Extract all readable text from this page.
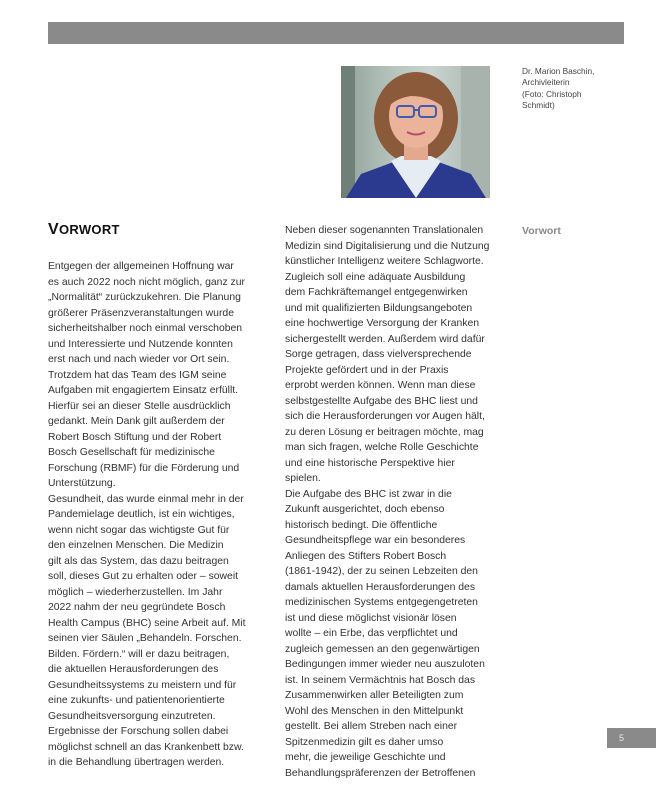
Dr. Marion Baschin,
Archivleiterin
(Foto: Christoph
Schmidt)
VORWORT	Vorwort

Entgegen der allgemeinen Hoffnung war

es auch 2022 noch nicht möglich, ganz zur

„Normalität“ zurückzukehren. Die Planung

größerer Präsenzveranstaltungen wurde

sicherheitshalber noch einmal verschoben

und Interessierte und Nutzende konnten

erst nach und nach wieder vor Ort sein.

Trotzdem hat das Team des IGM seine

Aufgaben mit engagiertem Einsatz erfüllt.

Hierfür sei an dieser Stelle ausdrücklich

gedankt. Mein Dank gilt außerdem der

Robert Bosch Stiftung und der Robert

Bosch Gesellschaft für medizinische

Forschung (RBMF) für die Förderung und

Unterstützung.

Gesundheit, das wurde einmal mehr in der

Pandemielage deutlich, ist ein wichtiges,

wenn nicht sogar das wichtigste Gut für

den einzelnen Menschen. Die Medizin

gilt als das System, das dazu beitragen

soll, dieses Gut zu erhalten oder – soweit

möglich – wiederherzustellen. Im Jahr

2022 nahm der neu gegründete Bosch

Health Campus (BHC) seine Arbeit auf. Mit

seinen vier Säulen „Behandeln. Forschen.

Bilden. Fördern.“ will er dazu beitragen,

die aktuellen Herausforderungen des

Gesundheitssystems zu meistern und für

eine zukunfts- und patientenorientierte

Gesundheitsversorgung einzutreten.

Ergebnisse der Forschung sollen dabei

möglichst schnell an das Krankenbett bzw.

in die Behandlung übertragen werden.

Neben dieser sogenannten Translationalen

Medizin sind Digitalisierung und die Nutzung

künstlicher Intelligenz weitere Schlagworte.

Zugleich soll eine adäquate Ausbildung

dem Fachkräftemangel entgegenwirken

und mit qualifizierten Bildungsangeboten

eine hochwertige Versorgung der Kranken

sichergestellt werden. Außerdem wird dafür

Sorge getragen, dass vielversprechende

Projekte gefördert und in der Praxis

erprobt werden können. Wenn man diese

selbstgestellte Aufgabe des BHC liest und

sich die Herausforderungen vor Augen hält,

zu deren Lösung er beitragen möchte, mag

man sich fragen, welche Rolle Geschichte

und eine historische Perspektive hier

spielen.

Die Aufgabe des BHC ist zwar in die

Zukunft ausgerichtet, doch ebenso

historisch bedingt. Die öffentliche

Gesundheitspflege war ein besonderes

Anliegen des Stifters Robert Bosch

(1861-1942), der zu seinen Lebzeiten den

damals aktuellen Herausforderungen des

medizinischen Systems entgegengetreten

ist und diese möglichst visionär lösen

wollte – ein Erbe, das verpflichtet und

zugleich gemessen an den gegenwärtigen

Bedingungen immer wieder neu auszuloten

ist. In seinem Vermächtnis hat Bosch das

Zusammenwirken aller Beteiligten zum

Wohl des Menschen in den Mittelpunkt

gestellt. Bei allem Streben nach einer

Spitzenmedizin gilt es daher umso

mehr, die jeweilige Geschichte und

Behandlungspräferenzen der Betroffenen

5
